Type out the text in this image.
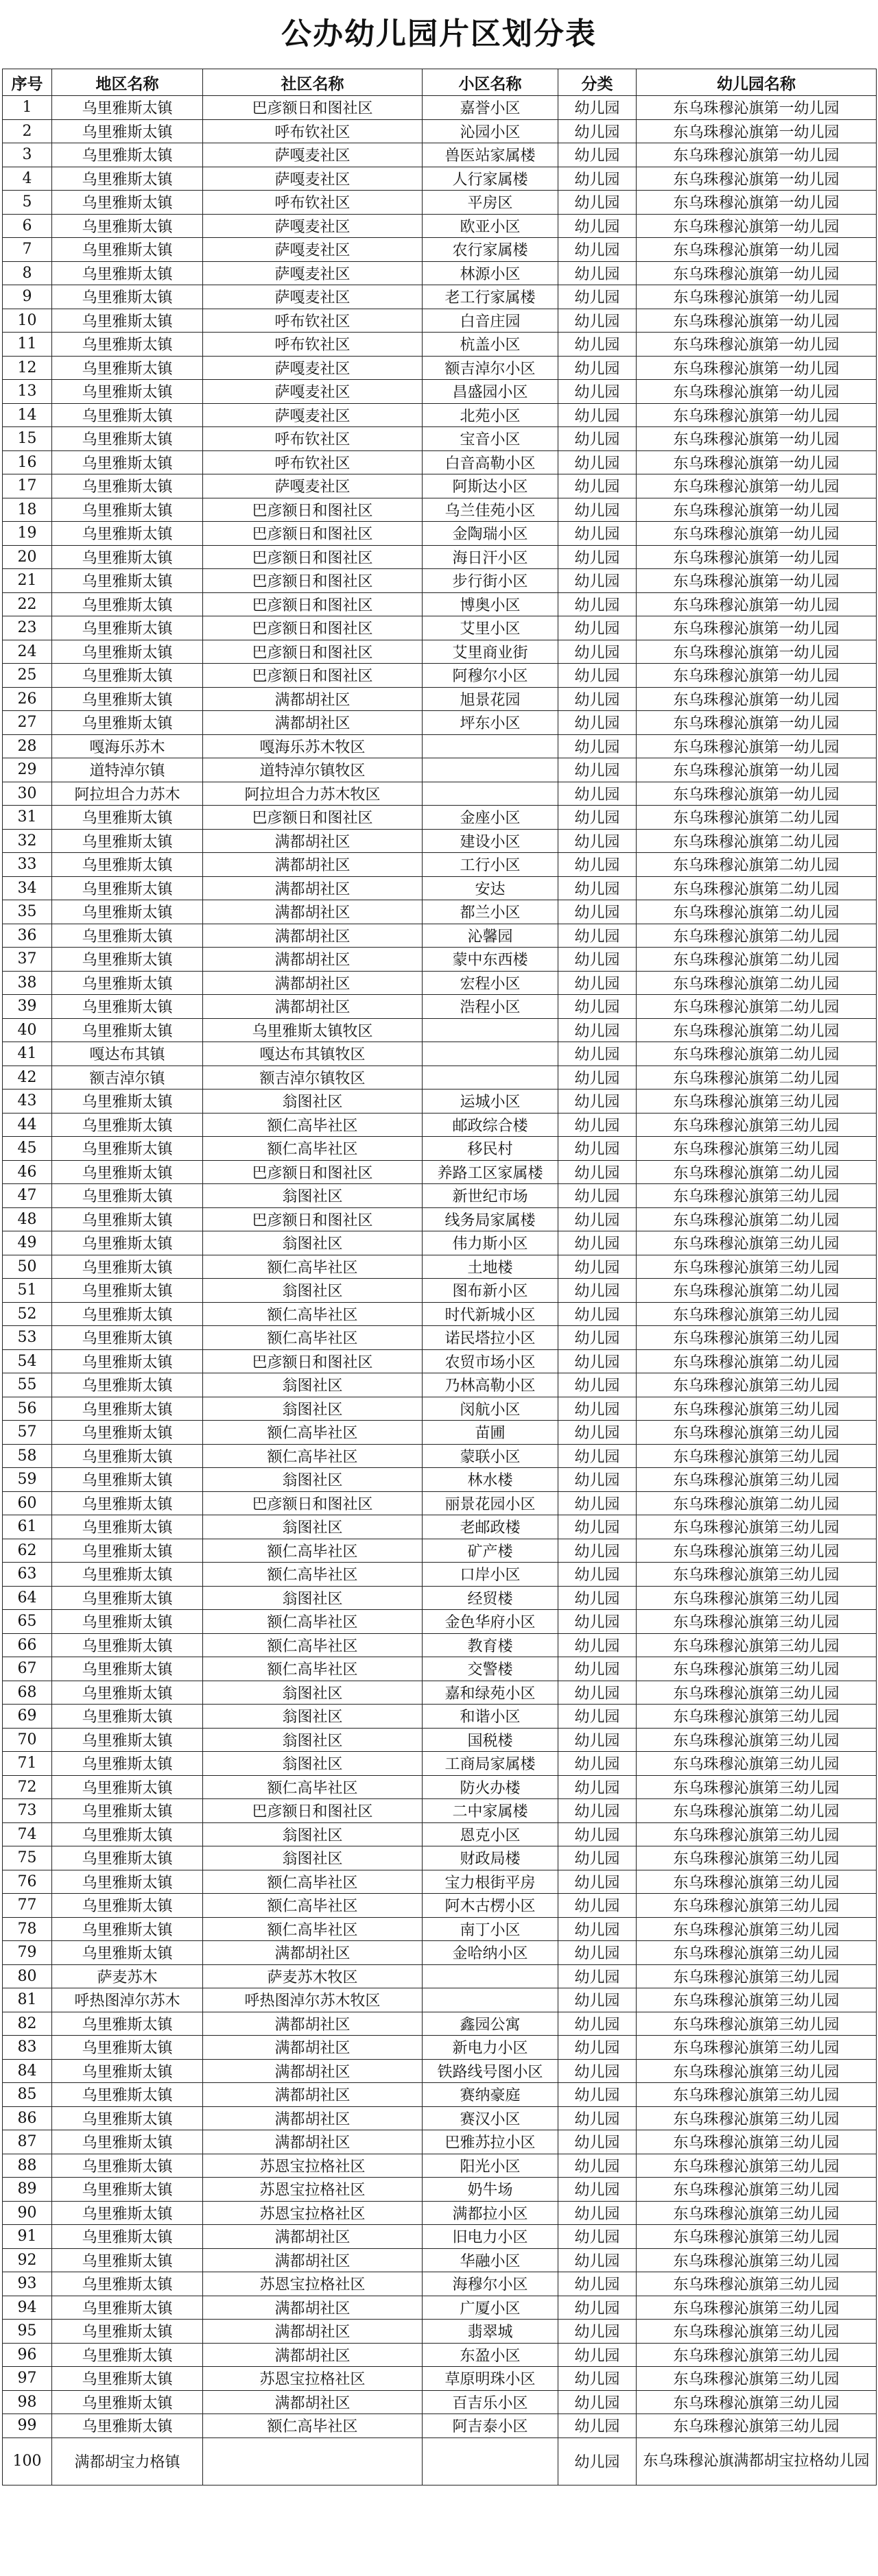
公办幼儿园片区划分表
序号	地区名称	社区名称	小区名称	分类	幼儿园名称
1	乌里雅斯太镇	巴彦额日和图社区	嘉誉小区	幼儿园	东乌珠穆沁旗第一幼儿园
2	乌里雅斯太镇	呼布钦社区	沁园小区	幼儿园	东乌珠穆沁旗第一幼儿园
3	乌里雅斯太镇	萨嘎麦社区	兽医站家属楼	幼儿园	东乌珠穆沁旗第一幼儿园
4	乌里雅斯太镇	萨嘎麦社区	人行家属楼	幼儿园	东乌珠穆沁旗第一幼儿园
5	乌里雅斯太镇	呼布钦社区	平房区	幼儿园	东乌珠穆沁旗第一幼儿园
6	乌里雅斯太镇	萨嘎麦社区	欧亚小区	幼儿园	东乌珠穆沁旗第一幼儿园
7	乌里雅斯太镇	萨嘎麦社区	农行家属楼	幼儿园	东乌珠穆沁旗第一幼儿园
8	乌里雅斯太镇	萨嘎麦社区	林源小区	幼儿园	东乌珠穆沁旗第一幼儿园
9	乌里雅斯太镇	萨嘎麦社区	老工行家属楼	幼儿园	东乌珠穆沁旗第一幼儿园
10	乌里雅斯太镇	呼布钦社区	白音庄园	幼儿园	东乌珠穆沁旗第一幼儿园
11	乌里雅斯太镇	呼布钦社区	杭盖小区	幼儿园	东乌珠穆沁旗第一幼儿园
12	乌里雅斯太镇	萨嘎麦社区	额吉淖尔小区	幼儿园	东乌珠穆沁旗第一幼儿园
13	乌里雅斯太镇	萨嘎麦社区	昌盛园小区	幼儿园	东乌珠穆沁旗第一幼儿园
14	乌里雅斯太镇	萨嘎麦社区	北苑小区	幼儿园	东乌珠穆沁旗第一幼儿园
15	乌里雅斯太镇	呼布钦社区	宝音小区	幼儿园	东乌珠穆沁旗第一幼儿园
16	乌里雅斯太镇	呼布钦社区	白音高勒小区	幼儿园	东乌珠穆沁旗第一幼儿园
17	乌里雅斯太镇	萨嘎麦社区	阿斯达小区	幼儿园	东乌珠穆沁旗第一幼儿园
18	乌里雅斯太镇	巴彦额日和图社区	乌兰佳苑小区	幼儿园	东乌珠穆沁旗第一幼儿园
19	乌里雅斯太镇	巴彦额日和图社区	金陶瑞小区	幼儿园	东乌珠穆沁旗第一幼儿园
20	乌里雅斯太镇	巴彦额日和图社区	海日汗小区	幼儿园	东乌珠穆沁旗第一幼儿园
21	乌里雅斯太镇	巴彦额日和图社区	步行街小区	幼儿园	东乌珠穆沁旗第一幼儿园
22	乌里雅斯太镇	巴彦额日和图社区	博奥小区	幼儿园	东乌珠穆沁旗第一幼儿园
23	乌里雅斯太镇	巴彦额日和图社区	艾里小区	幼儿园	东乌珠穆沁旗第一幼儿园
24	乌里雅斯太镇	巴彦额日和图社区	艾里商业街	幼儿园	东乌珠穆沁旗第一幼儿园
25	乌里雅斯太镇	巴彦额日和图社区	阿穆尔小区	幼儿园	东乌珠穆沁旗第一幼儿园
26	乌里雅斯太镇	满都胡社区	旭景花园	幼儿园	东乌珠穆沁旗第一幼儿园
27	乌里雅斯太镇	满都胡社区	坪东小区	幼儿园	东乌珠穆沁旗第一幼儿园
28	嘎海乐苏木	嘎海乐苏木牧区		幼儿园	东乌珠穆沁旗第一幼儿园
29	道特淖尔镇	道特淖尔镇牧区		幼儿园	东乌珠穆沁旗第一幼儿园
30	阿拉坦合力苏木	阿拉坦合力苏木牧区		幼儿园	东乌珠穆沁旗第一幼儿园
31	乌里雅斯太镇	巴彦额日和图社区	金座小区	幼儿园	东乌珠穆沁旗第二幼儿园
32	乌里雅斯太镇	满都胡社区	建设小区	幼儿园	东乌珠穆沁旗第二幼儿园
33	乌里雅斯太镇	满都胡社区	工行小区	幼儿园	东乌珠穆沁旗第二幼儿园
34	乌里雅斯太镇	满都胡社区	安达	幼儿园	东乌珠穆沁旗第二幼儿园
35	乌里雅斯太镇	满都胡社区	都兰小区	幼儿园	东乌珠穆沁旗第二幼儿园
36	乌里雅斯太镇	满都胡社区	沁馨园	幼儿园	东乌珠穆沁旗第二幼儿园
37	乌里雅斯太镇	满都胡社区	蒙中东西楼	幼儿园	东乌珠穆沁旗第二幼儿园
38	乌里雅斯太镇	满都胡社区	宏程小区	幼儿园	东乌珠穆沁旗第二幼儿园
39	乌里雅斯太镇	满都胡社区	浩程小区	幼儿园	东乌珠穆沁旗第二幼儿园
40	乌里雅斯太镇	乌里雅斯太镇牧区		幼儿园	东乌珠穆沁旗第二幼儿园
41	嘎达布其镇	嘎达布其镇牧区		幼儿园	东乌珠穆沁旗第二幼儿园
42	额吉淖尔镇	额吉淖尔镇牧区		幼儿园	东乌珠穆沁旗第二幼儿园
43	乌里雅斯太镇	翁图社区	运城小区	幼儿园	东乌珠穆沁旗第三幼儿园
44	乌里雅斯太镇	额仁高毕社区	邮政综合楼	幼儿园	东乌珠穆沁旗第三幼儿园
45	乌里雅斯太镇	额仁高毕社区	移民村	幼儿园	东乌珠穆沁旗第三幼儿园
46	乌里雅斯太镇	巴彦额日和图社区	养路工区家属楼	幼儿园	东乌珠穆沁旗第二幼儿园
47	乌里雅斯太镇	翁图社区	新世纪市场	幼儿园	东乌珠穆沁旗第三幼儿园
48	乌里雅斯太镇	巴彦额日和图社区	线务局家属楼	幼儿园	东乌珠穆沁旗第二幼儿园
49	乌里雅斯太镇	翁图社区	伟力斯小区	幼儿园	东乌珠穆沁旗第三幼儿园
50	乌里雅斯太镇	额仁高毕社区	土地楼	幼儿园	东乌珠穆沁旗第三幼儿园
51	乌里雅斯太镇	翁图社区	图布新小区	幼儿园	东乌珠穆沁旗第二幼儿园
52	乌里雅斯太镇	额仁高毕社区	时代新城小区	幼儿园	东乌珠穆沁旗第三幼儿园
53	乌里雅斯太镇	额仁高毕社区	诺民塔拉小区	幼儿园	东乌珠穆沁旗第三幼儿园
54	乌里雅斯太镇	巴彦额日和图社区	农贸市场小区	幼儿园	东乌珠穆沁旗第二幼儿园
55	乌里雅斯太镇	翁图社区	乃林高勒小区	幼儿园	东乌珠穆沁旗第三幼儿园
56	乌里雅斯太镇	翁图社区	闵航小区	幼儿园	东乌珠穆沁旗第三幼儿园
57	乌里雅斯太镇	额仁高毕社区	苗圃	幼儿园	东乌珠穆沁旗第三幼儿园
58	乌里雅斯太镇	额仁高毕社区	蒙联小区	幼儿园	东乌珠穆沁旗第三幼儿园
59	乌里雅斯太镇	翁图社区	林水楼	幼儿园	东乌珠穆沁旗第三幼儿园
60	乌里雅斯太镇	巴彦额日和图社区	丽景花园小区	幼儿园	东乌珠穆沁旗第二幼儿园
61	乌里雅斯太镇	翁图社区	老邮政楼	幼儿园	东乌珠穆沁旗第三幼儿园
62	乌里雅斯太镇	额仁高毕社区	矿产楼	幼儿园	东乌珠穆沁旗第三幼儿园
63	乌里雅斯太镇	额仁高毕社区	口岸小区	幼儿园	东乌珠穆沁旗第三幼儿园
64	乌里雅斯太镇	翁图社区	经贸楼	幼儿园	东乌珠穆沁旗第三幼儿园
65	乌里雅斯太镇	额仁高毕社区	金色华府小区	幼儿园	东乌珠穆沁旗第三幼儿园
66	乌里雅斯太镇	额仁高毕社区	教育楼	幼儿园	东乌珠穆沁旗第三幼儿园
67	乌里雅斯太镇	额仁高毕社区	交警楼	幼儿园	东乌珠穆沁旗第三幼儿园
68	乌里雅斯太镇	翁图社区	嘉和绿苑小区	幼儿园	东乌珠穆沁旗第三幼儿园
69	乌里雅斯太镇	翁图社区	和谐小区	幼儿园	东乌珠穆沁旗第三幼儿园
70	乌里雅斯太镇	翁图社区	国税楼	幼儿园	东乌珠穆沁旗第三幼儿园
71	乌里雅斯太镇	翁图社区	工商局家属楼	幼儿园	东乌珠穆沁旗第三幼儿园
72	乌里雅斯太镇	额仁高毕社区	防火办楼	幼儿园	东乌珠穆沁旗第三幼儿园
73	乌里雅斯太镇	巴彦额日和图社区	二中家属楼	幼儿园	东乌珠穆沁旗第二幼儿园
74	乌里雅斯太镇	翁图社区	恩克小区	幼儿园	东乌珠穆沁旗第三幼儿园
75	乌里雅斯太镇	翁图社区	财政局楼	幼儿园	东乌珠穆沁旗第三幼儿园
76	乌里雅斯太镇	额仁高毕社区	宝力根街平房	幼儿园	东乌珠穆沁旗第三幼儿园
77	乌里雅斯太镇	额仁高毕社区	阿木古楞小区	幼儿园	东乌珠穆沁旗第三幼儿园
78	乌里雅斯太镇	额仁高毕社区	南丁小区	幼儿园	东乌珠穆沁旗第三幼儿园
79	乌里雅斯太镇	满都胡社区	金哈纳小区	幼儿园	东乌珠穆沁旗第三幼儿园
80	萨麦苏木	萨麦苏木牧区		幼儿园	东乌珠穆沁旗第三幼儿园
81	呼热图淖尔苏木	呼热图淖尔苏木牧区		幼儿园	东乌珠穆沁旗第三幼儿园
82	乌里雅斯太镇	满都胡社区	鑫园公寓	幼儿园	东乌珠穆沁旗第三幼儿园
83	乌里雅斯太镇	满都胡社区	新电力小区	幼儿园	东乌珠穆沁旗第三幼儿园
84	乌里雅斯太镇	满都胡社区	铁路线号图小区	幼儿园	东乌珠穆沁旗第三幼儿园
85	乌里雅斯太镇	满都胡社区	赛纳豪庭	幼儿园	东乌珠穆沁旗第三幼儿园
86	乌里雅斯太镇	满都胡社区	赛汉小区	幼儿园	东乌珠穆沁旗第三幼儿园
87	乌里雅斯太镇	满都胡社区	巴雅苏拉小区	幼儿园	东乌珠穆沁旗第三幼儿园
88	乌里雅斯太镇	苏恩宝拉格社区	阳光小区	幼儿园	东乌珠穆沁旗第三幼儿园
89	乌里雅斯太镇	苏恩宝拉格社区	奶牛场	幼儿园	东乌珠穆沁旗第三幼儿园
90	乌里雅斯太镇	苏恩宝拉格社区	满都拉小区	幼儿园	东乌珠穆沁旗第三幼儿园
91	乌里雅斯太镇	满都胡社区	旧电力小区	幼儿园	东乌珠穆沁旗第三幼儿园
92	乌里雅斯太镇	满都胡社区	华融小区	幼儿园	东乌珠穆沁旗第三幼儿园
93	乌里雅斯太镇	苏恩宝拉格社区	海穆尔小区	幼儿园	东乌珠穆沁旗第三幼儿园
94	乌里雅斯太镇	满都胡社区	广厦小区	幼儿园	东乌珠穆沁旗第三幼儿园
95	乌里雅斯太镇	满都胡社区	翡翠城	幼儿园	东乌珠穆沁旗第三幼儿园
96	乌里雅斯太镇	满都胡社区	东盈小区	幼儿园	东乌珠穆沁旗第三幼儿园
97	乌里雅斯太镇	苏恩宝拉格社区	草原明珠小区	幼儿园	东乌珠穆沁旗第三幼儿园
98	乌里雅斯太镇	满都胡社区	百吉乐小区	幼儿园	东乌珠穆沁旗第三幼儿园
99	乌里雅斯太镇	额仁高毕社区	阿吉泰小区	幼儿园	东乌珠穆沁旗第三幼儿园
100	满都胡宝力格镇			幼儿园	东乌珠穆沁旗满都胡宝拉格幼儿园
